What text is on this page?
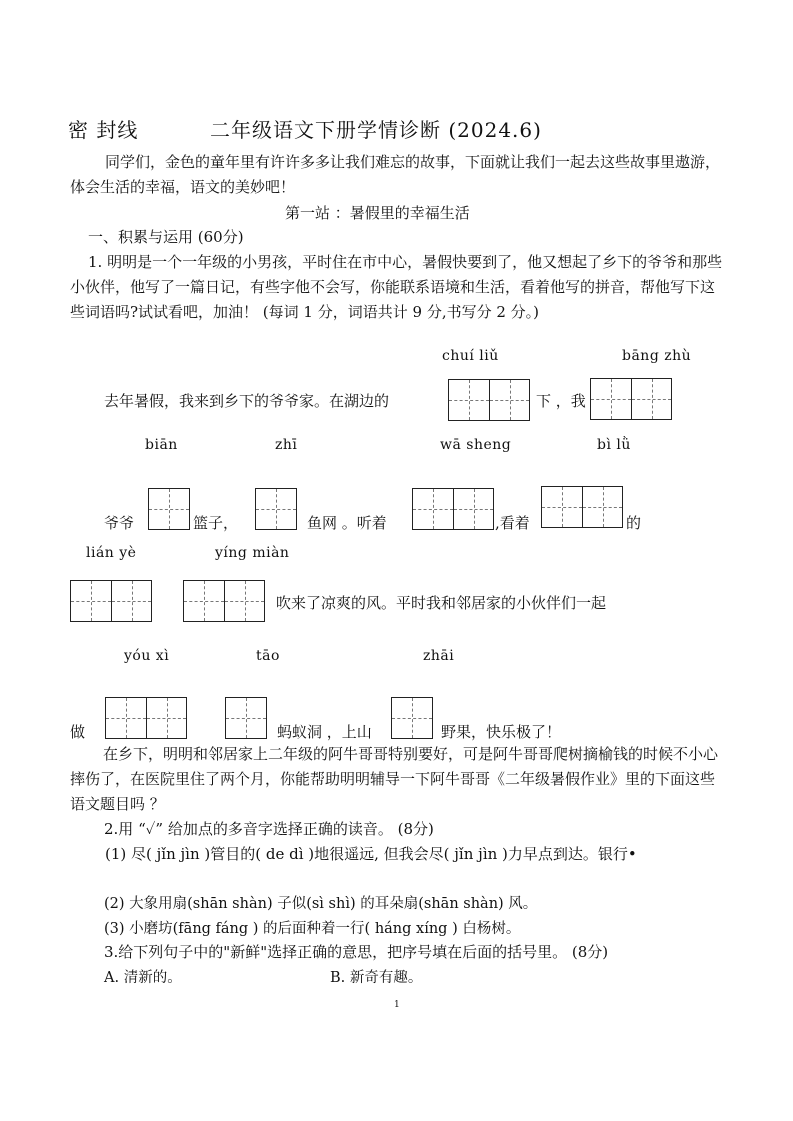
密 封线	二年级语文下册学情诊断 (2024.6)
同学们，金色的童年里有许许多多让我们难忘的故事，下面就让我们一起去这些故事里遨游，体会生活的幸福，语文的美妙吧！
第一站 ：暑假里的幸福生活
一、积累与运用 (60分)
1. 明明是一个一年级的小男孩，平时住在市中心，暑假快要到了，他又想起了乡下的爷爷和那些小伙伴，他写了一篇日记，有些字他不会写，你能联系语境和生活，看着他写的拼音，帮他写下这些词语吗?试试看吧，加油！ (每词 1 分，词语共计 9 分,书写分 2 分。)
chuí liǔ	bāng zhù
去年暑假，我来到乡下的爷爷家。在湖边的	下 ，我
biān	zhī	wā sheng	bì lǜ
爷爷	篮子，	鱼网 。听着	,看着	的
lián yè	yíng miàn
吹来了凉爽的风。平时我和邻居家的小伙伴们一起
yóu xì	tāo	zhāi
做	蚂蚁洞 ，上山	野果，快乐极了！
在乡下，明明和邻居家上二年级的阿牛哥哥特别要好，可是阿牛哥哥爬树摘榆钱的时候不小心摔伤了，在医院里住了两个月，你能帮助明明辅导一下阿牛哥哥《二年级暑假作业》里的下面这些语文题目吗 ？
2.用 “✓” 给加点的多音字选择正确的读音。 (8分)
(1) 尽( jǐn jìn )管目的( de dì )地很遥远, 但我会尽( jǐn jìn )力早点到达。银行•
(2) 大象用扇(shān shàn) 子似(sì shì) 的耳朵扇(shān shàn) 风。
(3) 小磨坊(fāng fáng ) 的后面种着一行( háng xíng ) 白杨树。
3.给下列句子中的"新鲜"选择正确的意思，把序号填在后面的括号里。 (8分)
A. 清新的。	B. 新奇有趣。
1
